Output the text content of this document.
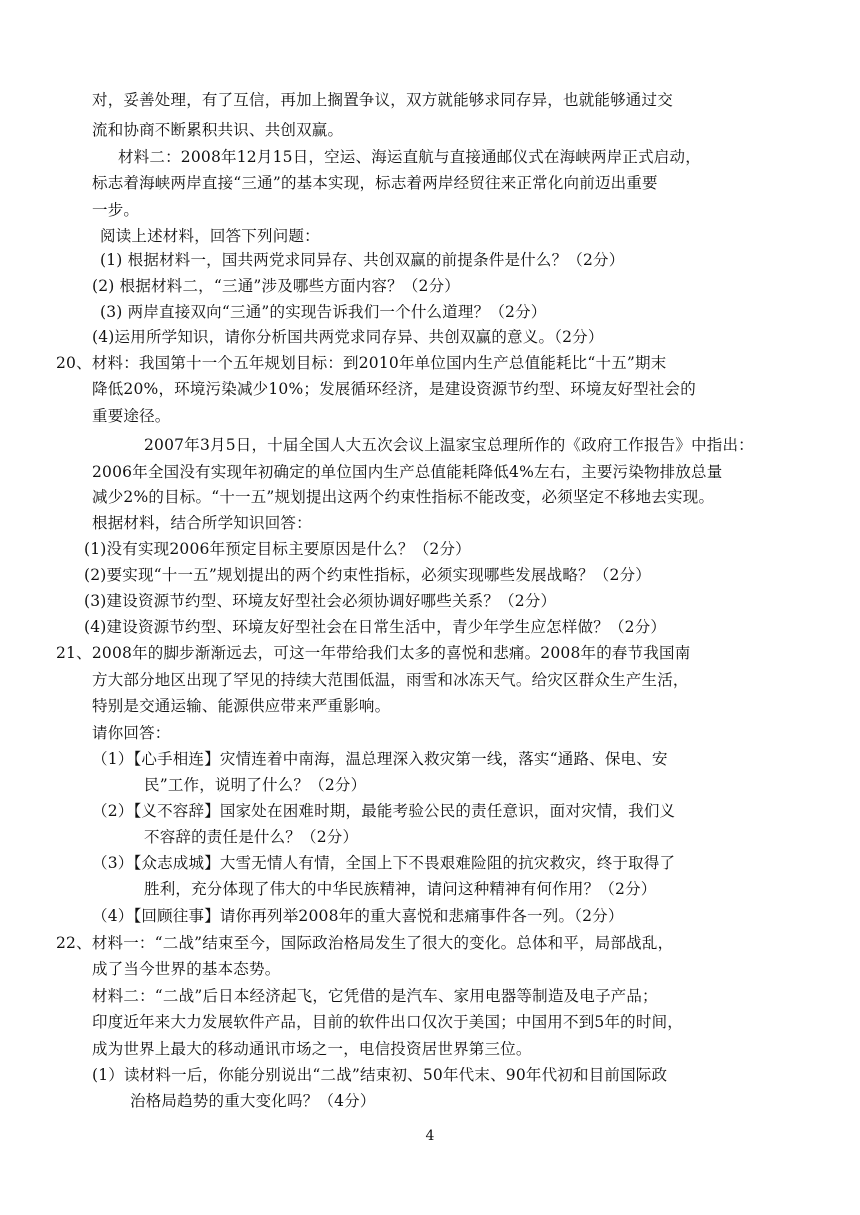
对，妥善处理，有了互信，再加上搁置争议，双方就能够求同存异，也就能够通过交
流和协商不断累积共识、共创双赢。
材料二：2008年12月15日，空运、海运直航与直接通邮仪式在海峡两岸正式启动，
标志着海峡两岸直接“三通”的基本实现，标志着两岸经贸往来正常化向前迈出重要
一步。
阅读上述材料，回答下列问题：
(1) 根据材料一，国共两党求同异存、共创双赢的前提条件是什么？（2分）
(2) 根据材料二，“三通”涉及哪些方面内容？（2分）
(3) 两岸直接双向“三通”的实现告诉我们一个什么道理？（2分）
(4)运用所学知识，请你分析国共两党求同存异、共创双赢的意义。（2分）
20、材料：我国第十一个五年规划目标：到2010年单位国内生产总值能耗比“十五”期末
降低20%，环境污染减少10%；发展循环经济，是建设资源节约型、环境友好型社会的
重要途径。
2007年3月5日，十届全国人大五次会议上温家宝总理所作的《政府工作报告》中指出：
2006年全国没有实现年初确定的单位国内生产总值能耗降低4%左右，主要污染物排放总量
减少2%的目标。“十一五”规划提出这两个约束性指标不能改变，必须坚定不移地去实现。
根据材料，结合所学知识回答：
(1)没有实现2006年预定目标主要原因是什么？（2分）
(2)要实现“十一五”规划提出的两个约束性指标，必须实现哪些发展战略？（2分）
(3)建设资源节约型、环境友好型社会必须协调好哪些关系？（2分）
(4)建设资源节约型、环境友好型社会在日常生活中，青少年学生应怎样做？（2分）
21、2008年的脚步渐渐远去，可这一年带给我们太多的喜悦和悲痛。2008年的春节我国南
方大部分地区出现了罕见的持续大范围低温，雨雪和冰冻天气。给灾区群众生产生活，
特别是交通运输、能源供应带来严重影响。
请你回答：
（1）【心手相连】灾情连着中南海，温总理深入救灾第一线，落实“通路、保电、安
民”工作，说明了什么？（2分）
（2）【义不容辞】国家处在困难时期，最能考验公民的责任意识，面对灾情，我们义
不容辞的责任是什么？（2分）
（3）【众志成城】大雪无情人有情，全国上下不畏艰难险阻的抗灾救灾，终于取得了
胜利，充分体现了伟大的中华民族精神，请问这种精神有何作用？（2分）
（4）【回顾往事】请你再列举2008年的重大喜悦和悲痛事件各一列。（2分）
22、材料一：“二战”结束至今，国际政治格局发生了很大的变化。总体和平，局部战乱，
成了当今世界的基本态势。
材料二：“二战”后日本经济起飞，它凭借的是汽车、家用电器等制造及电子产品；
印度近年来大力发展软件产品，目前的软件出口仅次于美国；中国用不到5年的时间，
成为世界上最大的移动通讯市场之一，电信投资居世界第三位。
(1）读材料一后，你能分别说出“二战”结束初、50年代末、90年代初和目前国际政
治格局趋势的重大变化吗？（4分）
4
